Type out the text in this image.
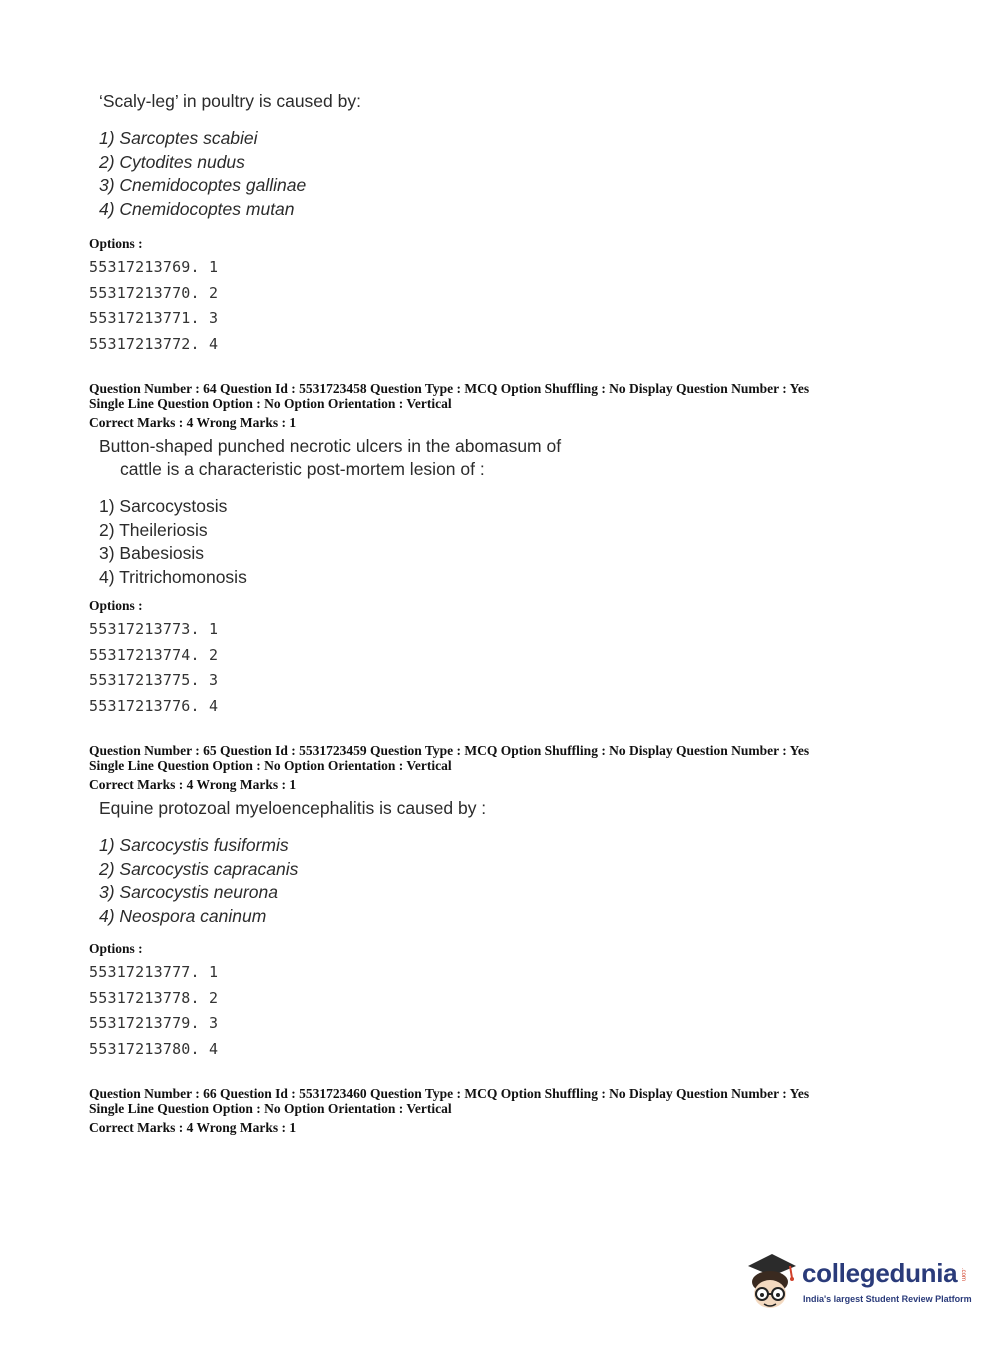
‘Scaly-leg’ in poultry is caused by:
1) Sarcoptes scabiei
2) Cytodites nudus
3) Cnemidocoptes gallinae
4) Cnemidocoptes mutan
Options :
55317213769. 1
55317213770. 2
55317213771. 3
55317213772. 4
Question Number : 64 Question Id : 5531723458 Question Type : MCQ Option Shuffling : No Display Question Number : Yes
Single Line Question Option : No Option Orientation : Vertical
Correct Marks : 4 Wrong Marks : 1
Button-shaped punched necrotic ulcers in the abomasum of
cattle is a characteristic post-mortem lesion of :
1) Sarcocystosis
2) Theileriosis
3) Babesiosis
4) Tritrichomonosis
Options :
55317213773. 1
55317213774. 2
55317213775. 3
55317213776. 4
Question Number : 65 Question Id : 5531723459 Question Type : MCQ Option Shuffling : No Display Question Number : Yes
Single Line Question Option : No Option Orientation : Vertical
Correct Marks : 4 Wrong Marks : 1
Equine protozoal myeloencephalitis is caused by :
1) Sarcocystis fusiformis
2) Sarcocystis capracanis
3) Sarcocystis neurona
4) Neospora caninum
Options :
55317213777. 1
55317213778. 2
55317213779. 3
55317213780. 4
Question Number : 66 Question Id : 5531723460 Question Type : MCQ Option Shuffling : No Display Question Number : Yes
Single Line Question Option : No Option Orientation : Vertical
Correct Marks : 4 Wrong Marks : 1
collegedunia .com
India's largest Student Review Platform
